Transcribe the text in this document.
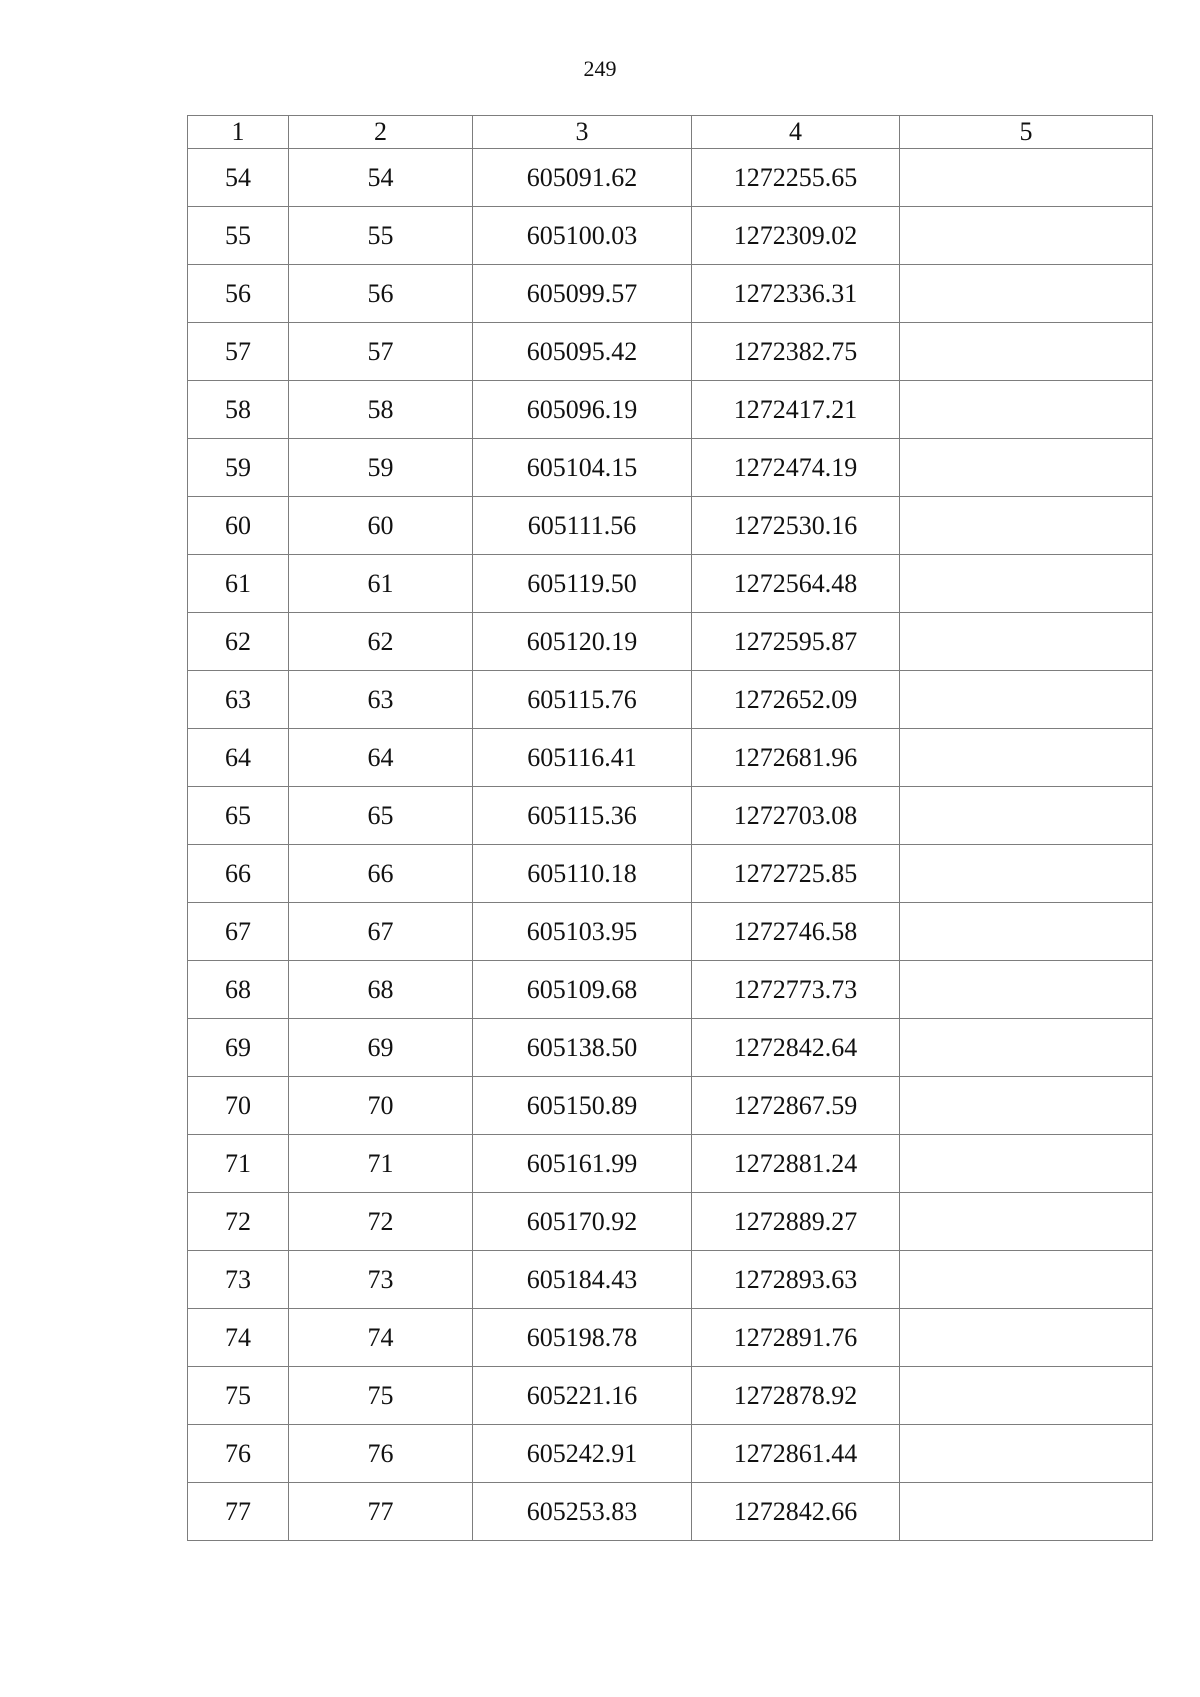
249
1	2	3	4	5
54	54	605091.62	1272255.65	
55	55	605100.03	1272309.02	
56	56	605099.57	1272336.31	
57	57	605095.42	1272382.75	
58	58	605096.19	1272417.21	
59	59	605104.15	1272474.19	
60	60	605111.56	1272530.16	
61	61	605119.50	1272564.48	
62	62	605120.19	1272595.87	
63	63	605115.76	1272652.09	
64	64	605116.41	1272681.96	
65	65	605115.36	1272703.08	
66	66	605110.18	1272725.85	
67	67	605103.95	1272746.58	
68	68	605109.68	1272773.73	
69	69	605138.50	1272842.64	
70	70	605150.89	1272867.59	
71	71	605161.99	1272881.24	
72	72	605170.92	1272889.27	
73	73	605184.43	1272893.63	
74	74	605198.78	1272891.76	
75	75	605221.16	1272878.92	
76	76	605242.91	1272861.44	
77	77	605253.83	1272842.66	
